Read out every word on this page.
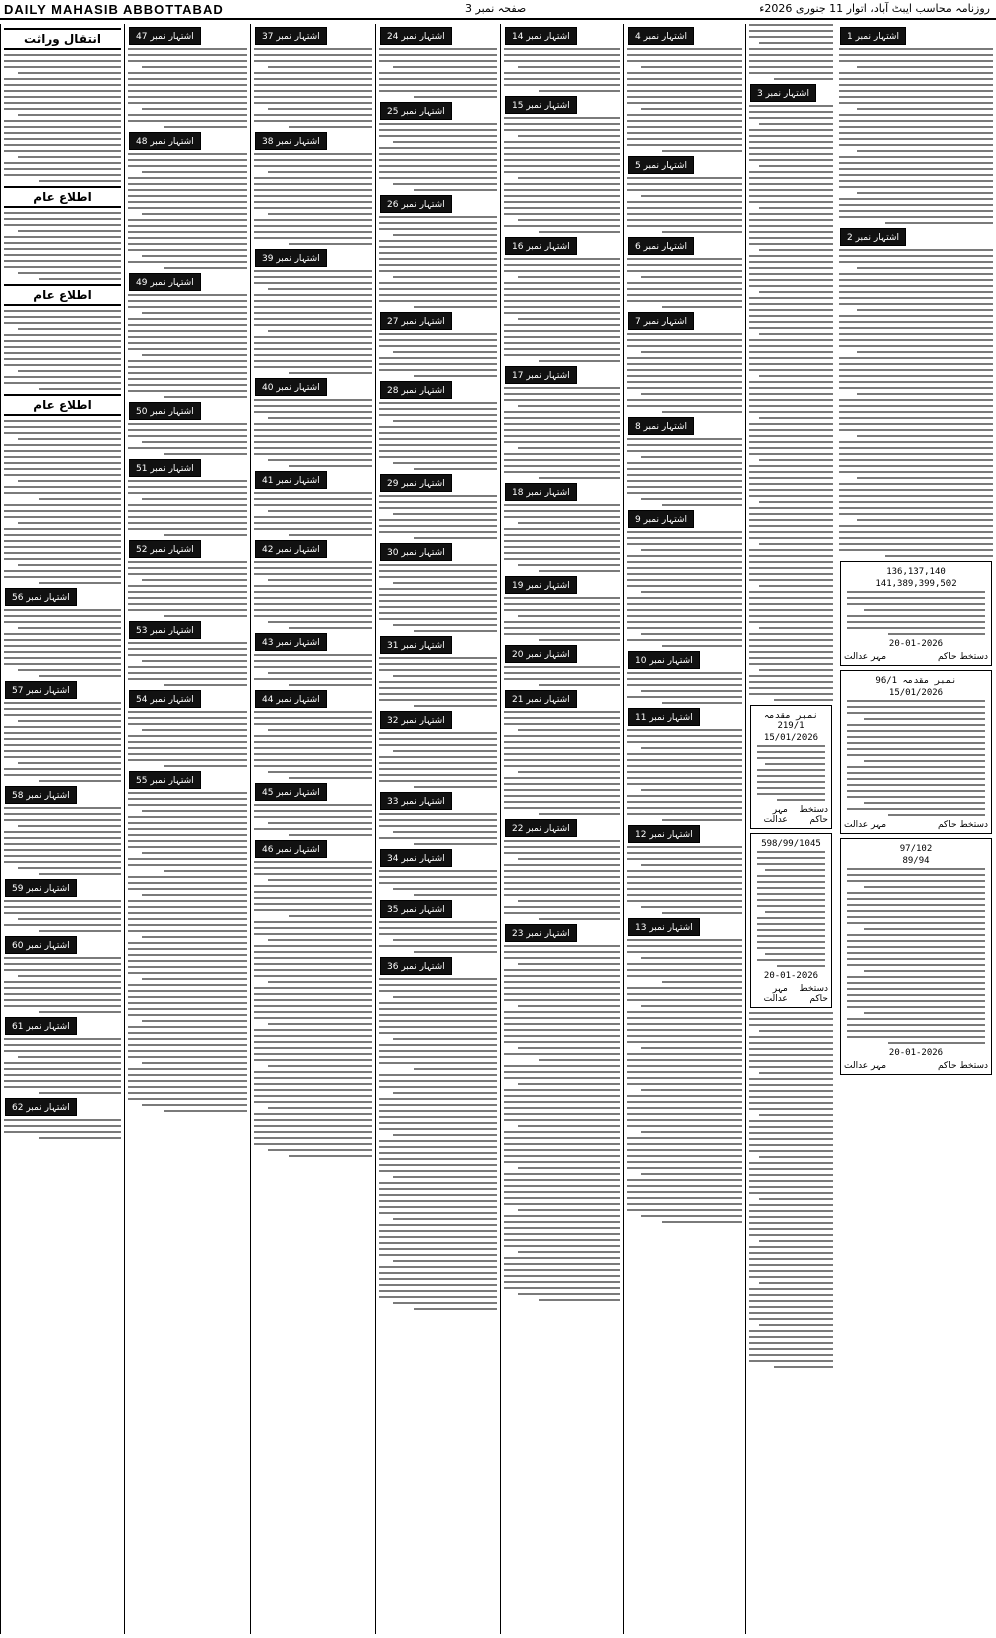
DAILY MAHASIB ABBOTTABAD	صفحہ نمبر 3	روزنامہ محاسب ایبٹ آباد، اتوار 11 جنوری 2026ء
اشتہار نمبر 1
اشتہار نمبر 2
136,137,140
141,389,399,502
20-01-2026
دستخط حاکم
مہر عدالت
نمبر مقدمہ 96/1
15/01/2026
دستخط حاکم
مہر عدالت
97/102
89/94
20-01-2026
دستخط حاکم
مہر عدالت
اشتہار نمبر 3
نمبر مقدمہ 219/1
15/01/2026
دستخط حاکم
مہر عدالت
598/99/1045
20-01-2026
دستخط حاکم
مہر عدالت
اشتہار نمبر 4
اشتہار نمبر 5
اشتہار نمبر 6
اشتہار نمبر 7
اشتہار نمبر 8
اشتہار نمبر 9
اشتہار نمبر 10
اشتہار نمبر 11
اشتہار نمبر 12
اشتہار نمبر 13
اشتہار نمبر 14
اشتہار نمبر 15
اشتہار نمبر 16
اشتہار نمبر 17
اشتہار نمبر 18
اشتہار نمبر 19
اشتہار نمبر 20
اشتہار نمبر 21
اشتہار نمبر 22
اشتہار نمبر 23
اشتہار نمبر 24
اشتہار نمبر 25
اشتہار نمبر 26
اشتہار نمبر 27
اشتہار نمبر 28
اشتہار نمبر 29
اشتہار نمبر 30
اشتہار نمبر 31
اشتہار نمبر 32
اشتہار نمبر 33
اشتہار نمبر 34
اشتہار نمبر 35
اشتہار نمبر 36
اشتہار نمبر 37
اشتہار نمبر 38
اشتہار نمبر 39
اشتہار نمبر 40
اشتہار نمبر 41
اشتہار نمبر 42
اشتہار نمبر 43
اشتہار نمبر 44
اشتہار نمبر 45
اشتہار نمبر 46
اشتہار نمبر 47
اشتہار نمبر 48
اشتہار نمبر 49
اشتہار نمبر 50
اشتہار نمبر 51
اشتہار نمبر 52
اشتہار نمبر 53
اشتہار نمبر 54
اشتہار نمبر 55
انتقال وراثت
اطلاع عام
اطلاع عام
اطلاع عام
اشتہار نمبر 56
اشتہار نمبر 57
اشتہار نمبر 58
اشتہار نمبر 59
اشتہار نمبر 60
اشتہار نمبر 61
اشتہار نمبر 62
